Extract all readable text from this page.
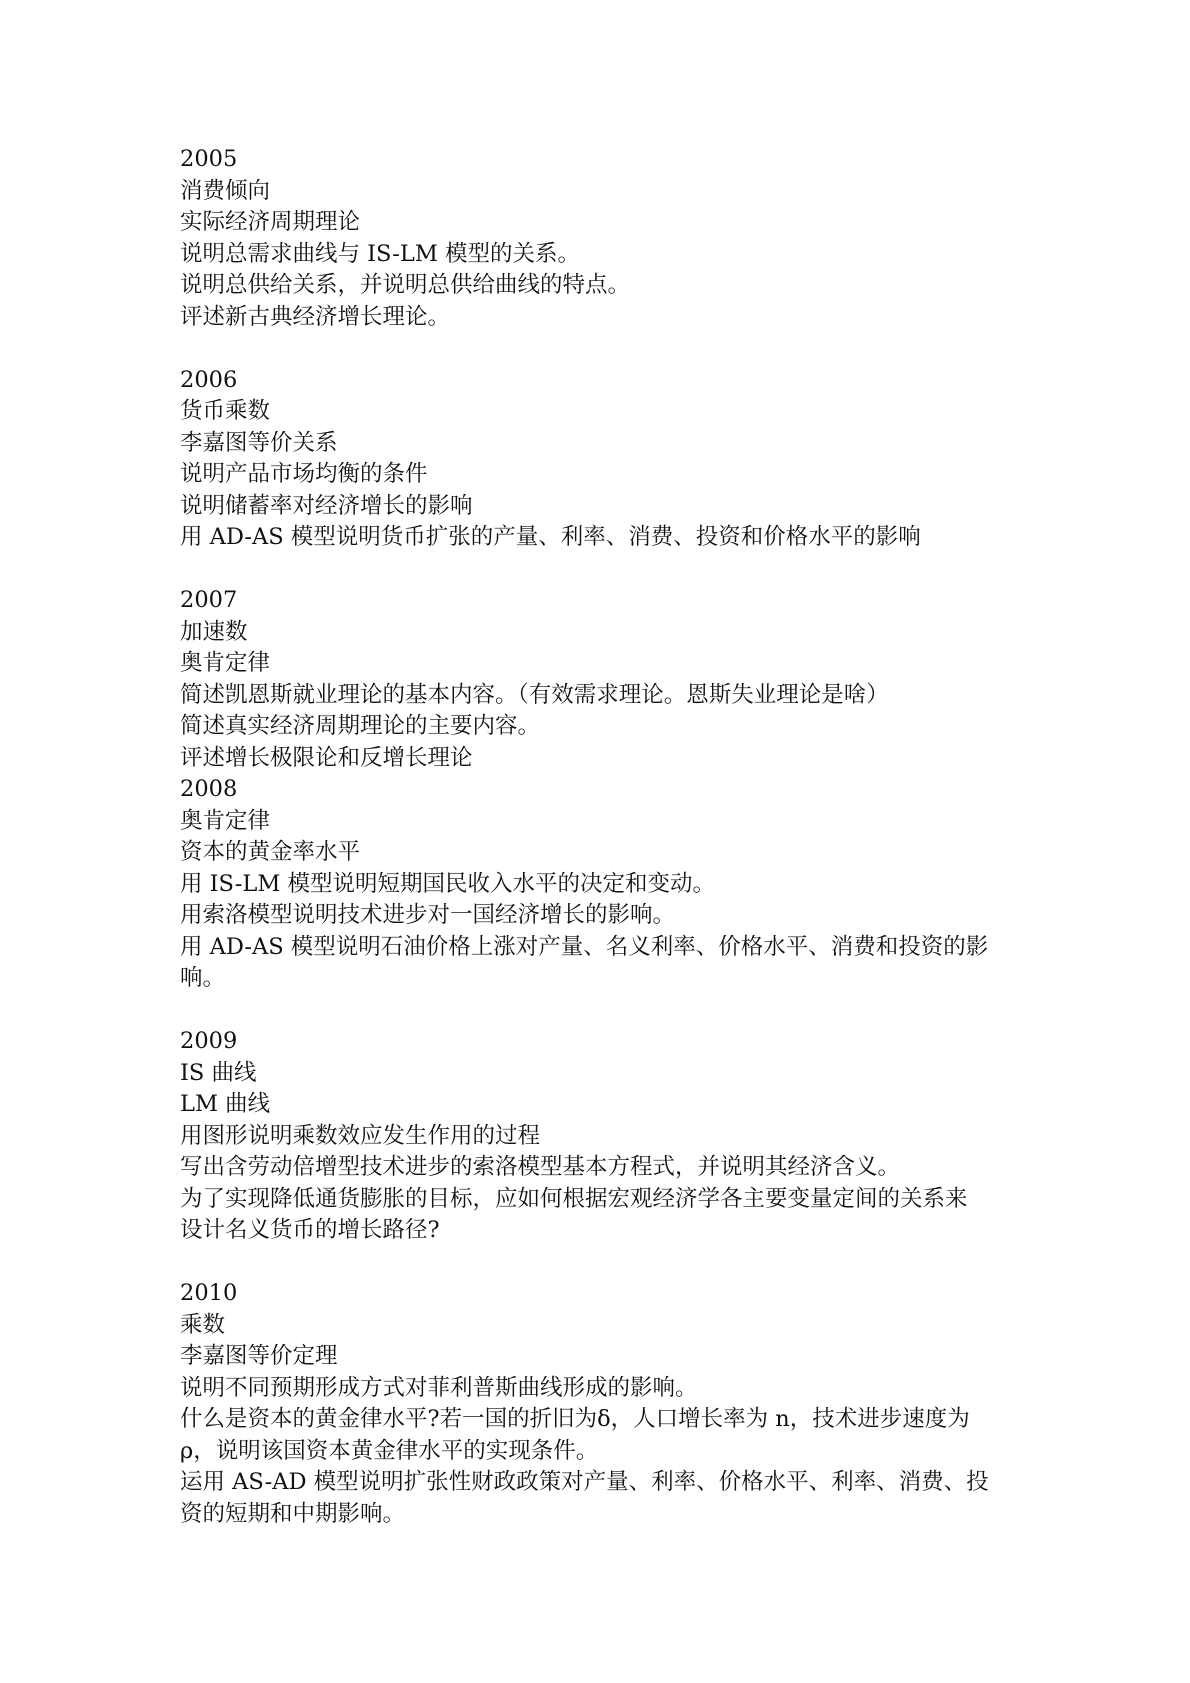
2005
消费倾向
实际经济周期理论
说明总需求曲线与 IS-LM 模型的关系。
说明总供给关系，并说明总供给曲线的特点。
评述新古典经济增长理论。
2006
货币乘数
李嘉图等价关系
说明产品市场均衡的条件
说明储蓄率对经济增长的影响
用 AD-AS 模型说明货币扩张的产量、利率、消费、投资和价格水平的影响
2007
加速数
奥肯定律
简述凯恩斯就业理论的基本内容。（有效需求理论。恩斯失业理论是啥）
简述真实经济周期理论的主要内容。
评述增长极限论和反增长理论
2008
奥肯定律
资本的黄金率水平
用 IS-LM 模型说明短期国民收入水平的决定和变动。
用索洛模型说明技术进步对一国经济增长的影响。
用 AD-AS 模型说明石油价格上涨对产量、名义利率、价格水平、消费和投资的影
响。
2009
IS 曲线
LM 曲线
用图形说明乘数效应发生作用的过程
写出含劳动倍增型技术进步的索洛模型基本方程式，并说明其经济含义。
为了实现降低通货膨胀的目标，应如何根据宏观经济学各主要变量定间的关系来
设计名义货币的增长路径?
2010
乘数
李嘉图等价定理
说明不同预期形成方式对菲利普斯曲线形成的影响。
什么是资本的黄金律水平?若一国的折旧为δ，人口增长率为 n，技术进步速度为
ρ，说明该国资本黄金律水平的实现条件。
运用 AS-AD 模型说明扩张性财政政策对产量、利率、价格水平、利率、消费、投
资的短期和中期影响。
